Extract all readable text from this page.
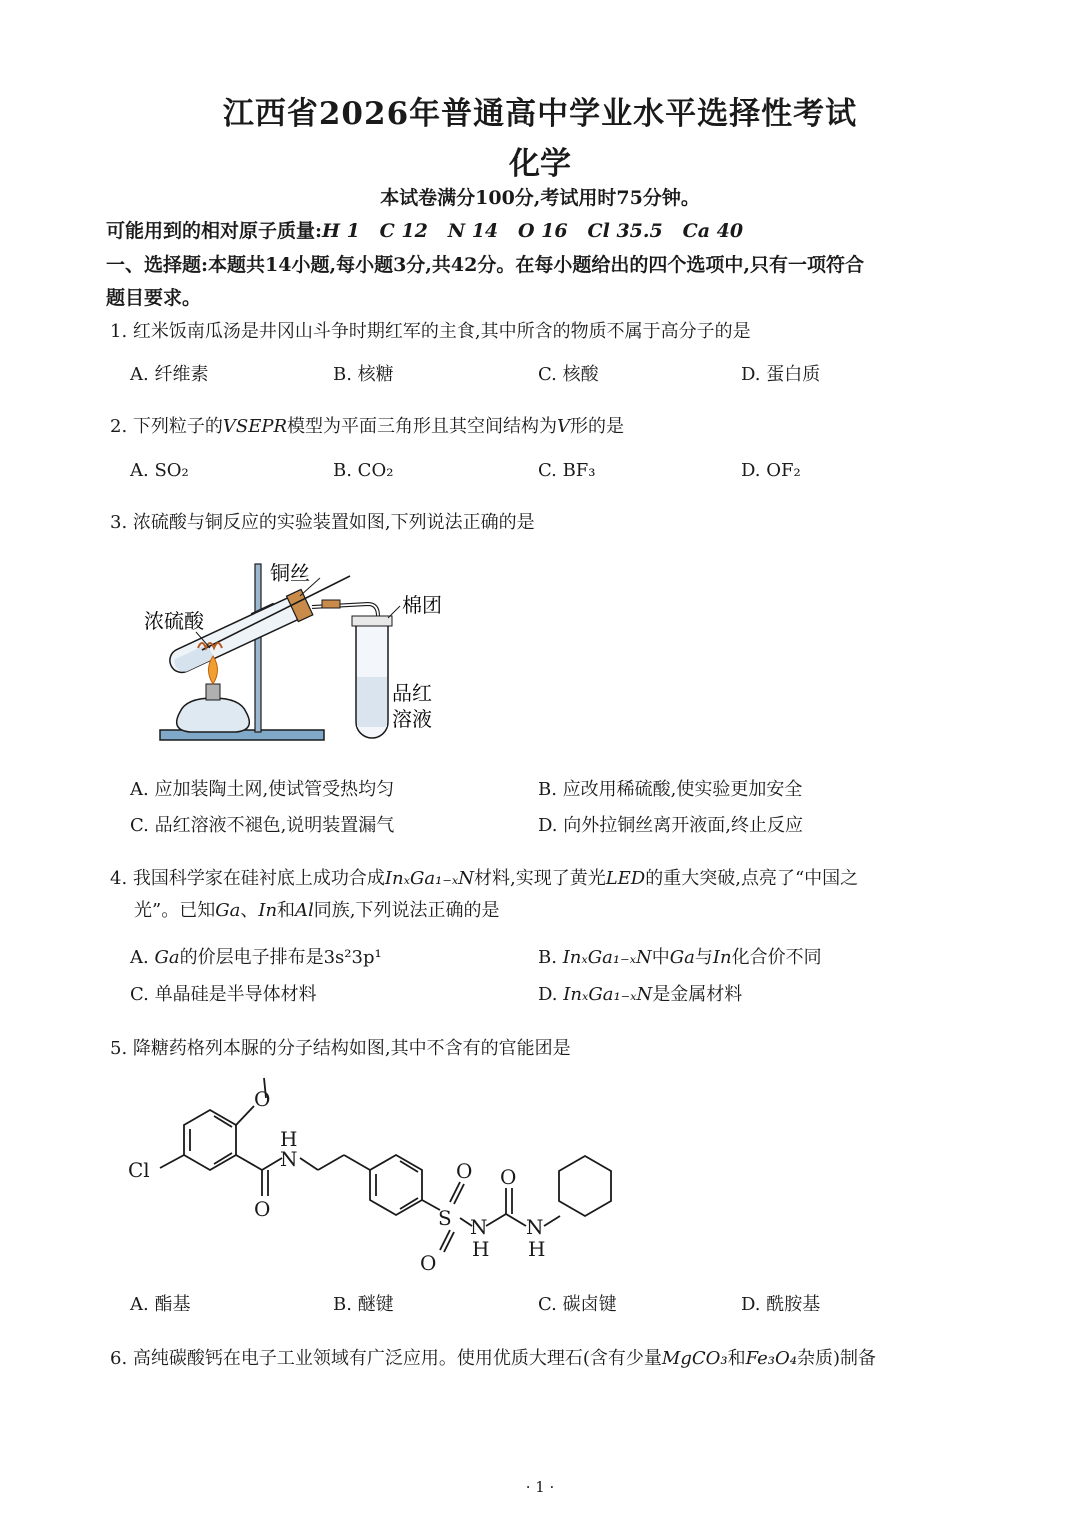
江西省2026年普通高中学业水平选择性考试
化学
本试卷满分100分,考试用时75分钟。
可能用到的相对原子质量:H 1 C 12 N 14 O 16 Cl 35.5 Ca 40
一、选择题:本题共14小题,每小题3分,共42分。在每小题给出的四个选项中,只有一项符合
题目要求。
1. 红米饭南瓜汤是井冈山斗争时期红军的主食,其中所含的物质不属于高分子的是
A. 纤维素	B. 核糖	C. 核酸	D. 蛋白质
2. 下列粒子的VSEPR模型为平面三角形且其空间结构为V形的是
A. SO₂	B. CO₂	C. BF₃	D. OF₂
3. 浓硫酸与铜反应的实验装置如图,下列说法正确的是
铜丝
浓硫酸
棉团
品红
溶液
A. 应加装陶土网,使试管受热均匀	B. 应改用稀硫酸,使实验更加安全
C. 品红溶液不褪色,说明装置漏气	D. 向外拉铜丝离开液面,终止反应
4. 我国科学家在硅衬底上成功合成InₓGa₁₋ₓN材料,实现了黄光LED的重大突破,点亮了“中国之
光”。已知Ga、In和Al同族,下列说法正确的是
A. Ga的价层电子排布是3s²3p¹	B. InₓGa₁₋ₓN中Ga与In化合价不同
C. 单晶硅是半导体材料	D. InₓGa₁₋ₓN是金属材料
5. 降糖药格列本脲的分子结构如图,其中不含有的官能团是
Cl
O
O
H
N
S
O
O
N
H
O
N
H
A. 酯基	B. 醚键	C. 碳卤键	D. 酰胺基
6. 高纯碳酸钙在电子工业领域有广泛应用。使用优质大理石(含有少量MgCO₃和Fe₃O₄杂质)制备
· 1 ·
